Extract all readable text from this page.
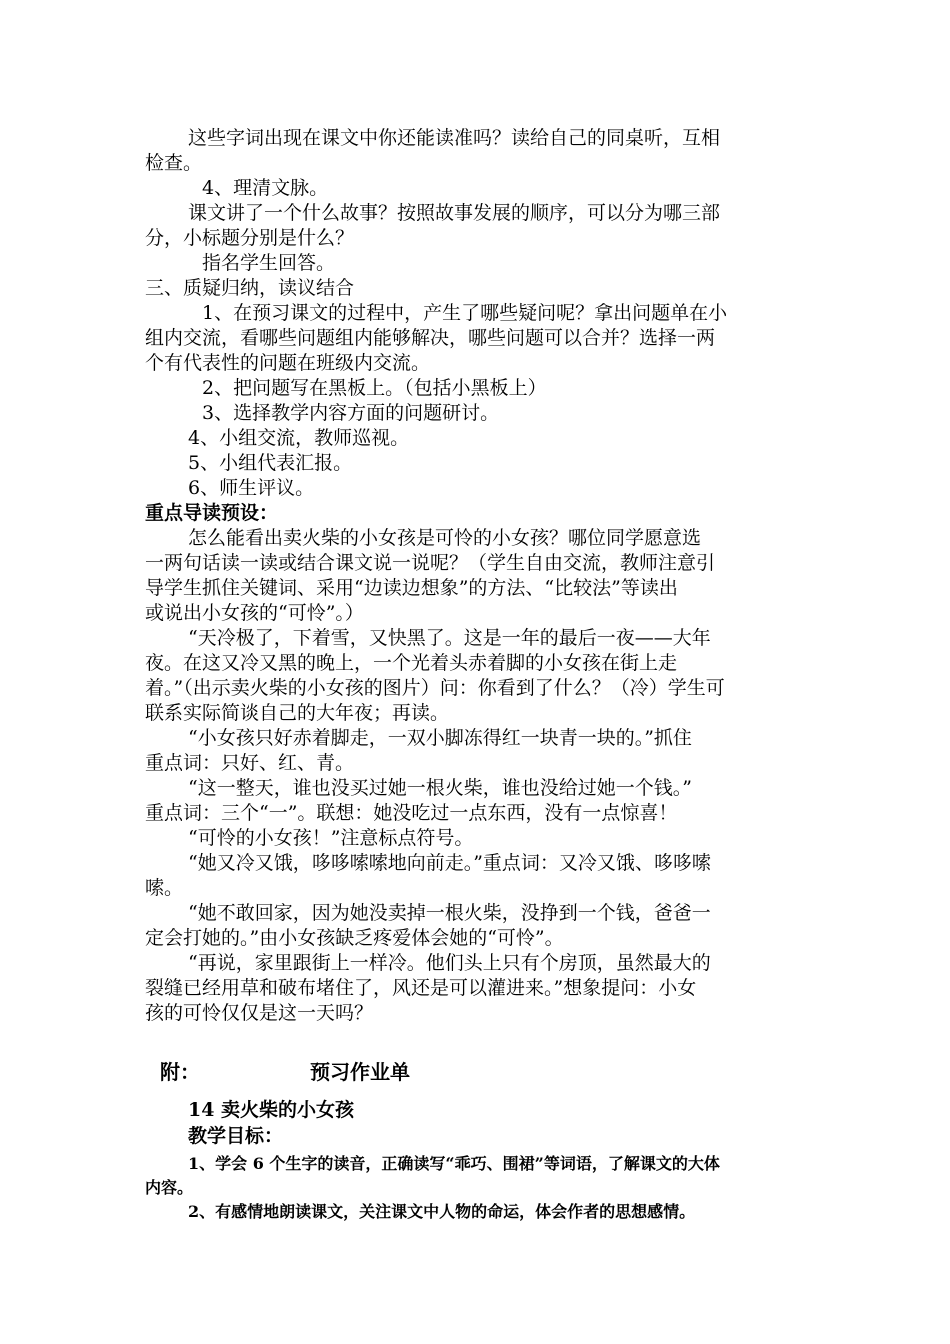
这些字词出现在课文中你还能读准吗？读给自己的同桌听，互相
检查。
4、理清文脉。
课文讲了一个什么故事？按照故事发展的顺序，可以分为哪三部
分，小标题分别是什么？
指名学生回答。
三、质疑归纳，读议结合
1、在预习课文的过程中，产生了哪些疑问呢？拿出问题单在小
组内交流，看哪些问题组内能够解决，哪些问题可以合并？选择一两
个有代表性的问题在班级内交流。
2、把问题写在黑板上。（包括小黑板上）
3、选择教学内容方面的问题研讨。
4、小组交流，教师巡视。
5、小组代表汇报。
6、师生评议。
重点导读预设：
怎么能看出卖火柴的小女孩是可怜的小女孩？哪位同学愿意选
一两句话读一读或结合课文说一说呢？（学生自由交流，教师注意引
导学生抓住关键词、采用“边读边想象”的方法、“比较法”等读出
或说出小女孩的“可怜”。）
“天冷极了，下着雪，又快黑了。这是一年的最后一夜——大年
夜。在这又冷又黑的晚上，一个光着头赤着脚的小女孩在街上走
着。”（出示卖火柴的小女孩的图片）问：你看到了什么？（冷）学生可
联系实际简谈自己的大年夜；再读。
“小女孩只好赤着脚走，一双小脚冻得红一块青一块的。”抓住
重点词：只好、红、青。
“这一整天，谁也没买过她一根火柴，谁也没给过她一个钱。”
重点词：三个“一”。联想：她没吃过一点东西，没有一点惊喜！
“可怜的小女孩！”注意标点符号。
“她又冷又饿，哆哆嗦嗦地向前走。”重点词：又冷又饿、哆哆嗦
嗦。
“她不敢回家，因为她没卖掉一根火柴，没挣到一个钱，爸爸一
定会打她的。”由小女孩缺乏疼爱体会她的“可怜”。
“再说，家里跟街上一样冷。他们头上只有个房顶，虽然最大的
裂缝已经用草和破布堵住了，风还是可以灌进来。”想象提问：小女
孩的可怜仅仅是这一天吗？
附：	预习作业单
14 卖火柴的小女孩
教学目标：
1、学会 6 个生字的读音，正确读写“乖巧、围裙”等词语，了解课文的大体
内容。
2、有感情地朗读课文，关注课文中人物的命运，体会作者的思想感情。
